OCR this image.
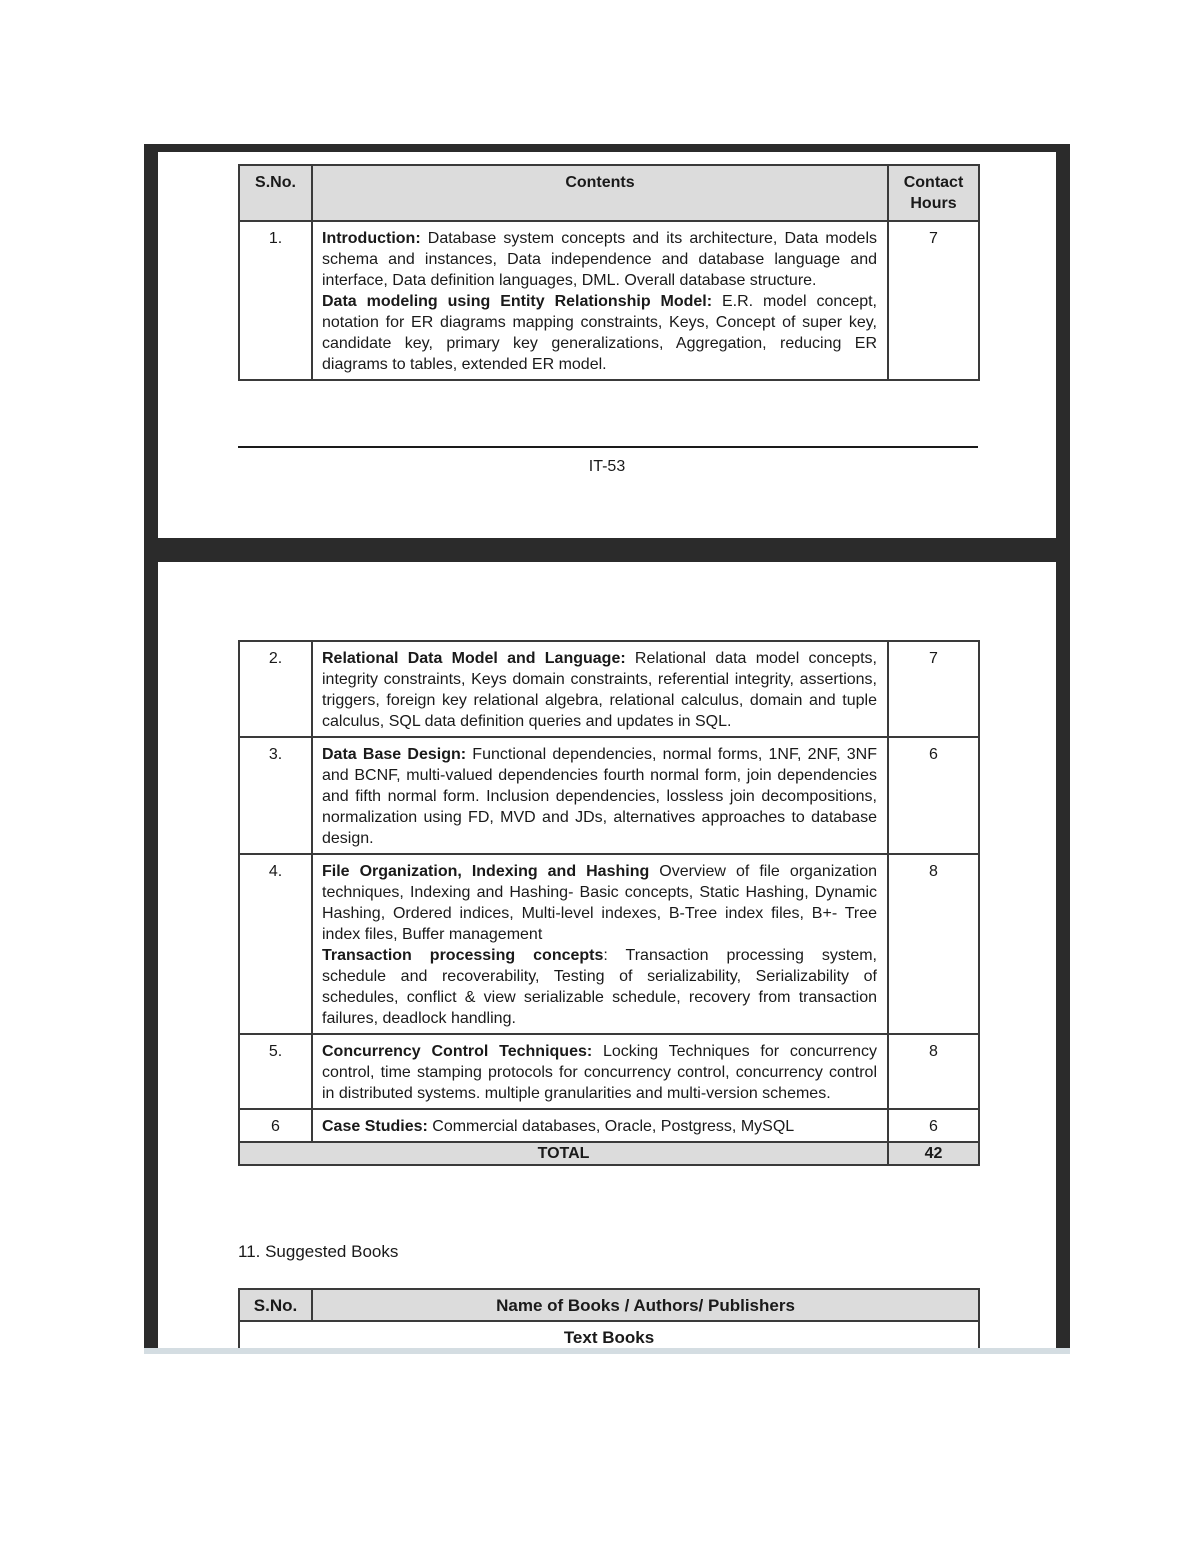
S.No.	Contents	Contact
Hours
1.	Introduction: Database system concepts and its architecture, Data models schema and instances, Data independence and database language and interface, Data definition languages, DML. Overall database structure.
Data modeling using Entity Relationship Model: E.R. model concept, notation for ER diagrams mapping constraints, Keys, Concept of super key, candidate key, primary key generalizations, Aggregation, reducing ER diagrams to tables, extended ER model.	7
IT-53
2.	Relational Data Model and Language: Relational data model concepts, integrity constraints, Keys domain constraints, referential integrity, assertions, triggers, foreign key relational algebra, relational calculus, domain and tuple calculus, SQL data definition queries and updates in SQL.	7
3.	Data Base Design: Functional dependencies, normal forms, 1NF, 2NF, 3NF and BCNF, multi-valued dependencies fourth normal form, join dependencies and fifth normal form. Inclusion dependencies, lossless join decompositions, normalization using FD, MVD and JDs, alternatives approaches to database design.	6
4.	File Organization, Indexing and Hashing Overview of file organization techniques, Indexing and Hashing- Basic concepts, Static Hashing, Dynamic Hashing, Ordered indices, Multi-level indexes, B-Tree index files, B+- Tree index files, Buffer management
Transaction processing concepts: Transaction processing system, schedule and recoverability, Testing of serializability, Serializability of schedules, conflict & view serializable schedule, recovery from transaction failures, deadlock handling.	8
5.	Concurrency Control Techniques: Locking Techniques for concurrency control, time stamping protocols for concurrency control, concurrency control in distributed systems. multiple granularities and multi-version schemes.	8
6	Case Studies: Commercial databases, Oracle, Postgress, MySQL	6
TOTAL		42
11. Suggested Books
S.No.	Name of Books / Authors/ Publishers
Text Books
